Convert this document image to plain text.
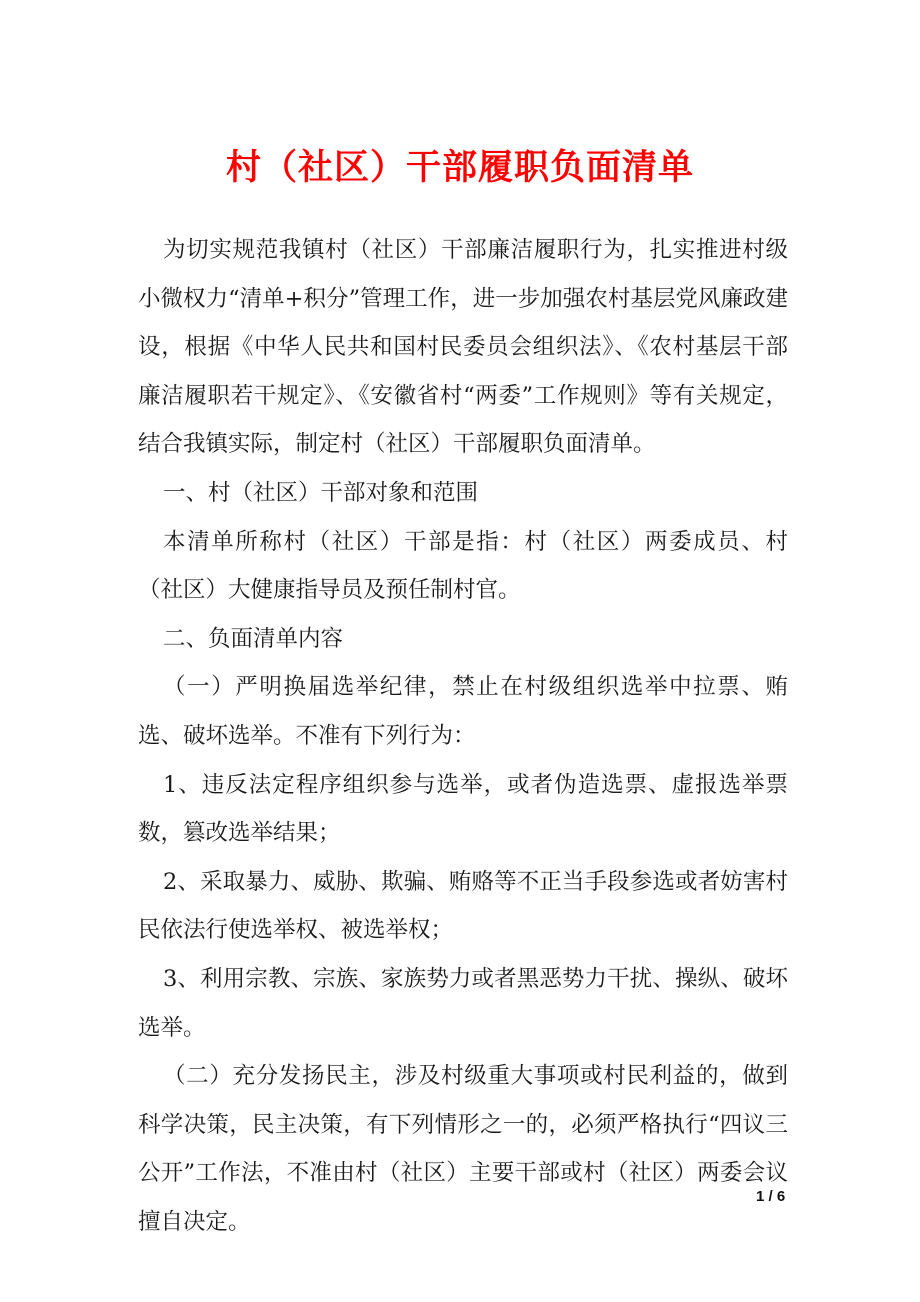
村（社区）干部履职负面清单

为切实规范我镇村（社区）干部廉洁履职行为，扎实推进村级小微权力“清单+积分”管理工作，进一步加强农村基层党风廉政建设，根据《中华人民共和国村民委员会组织法》、《农村基层干部廉洁履职若干规定》、《安徽省村“两委”工作规则》等有关规定，结合我镇实际，制定村（社区）干部履职负面清单。

一、村（社区）干部对象和范围

本清单所称村（社区）干部是指：村（社区）两委成员、村（社区）大健康指导员及预任制村官。

二、负面清单内容

（一）严明换届选举纪律，禁止在村级组织选举中拉票、贿选、破坏选举。不准有下列行为：

1、违反法定程序组织参与选举，或者伪造选票、虚报选举票数，篡改选举结果；

2、采取暴力、威胁、欺骗、贿赂等不正当手段参选或者妨害村民依法行使选举权、被选举权；

3、利用宗教、宗族、家族势力或者黑恶势力干扰、操纵、破坏选举。

（二）充分发扬民主，涉及村级重大事项或村民利益的，做到科学决策，民主决策，有下列情形之一的，必须严格执行“四议三公开”工作法，不准由村（社区）主要干部或村（社区）两委会议擅自决定。

1 / 6
